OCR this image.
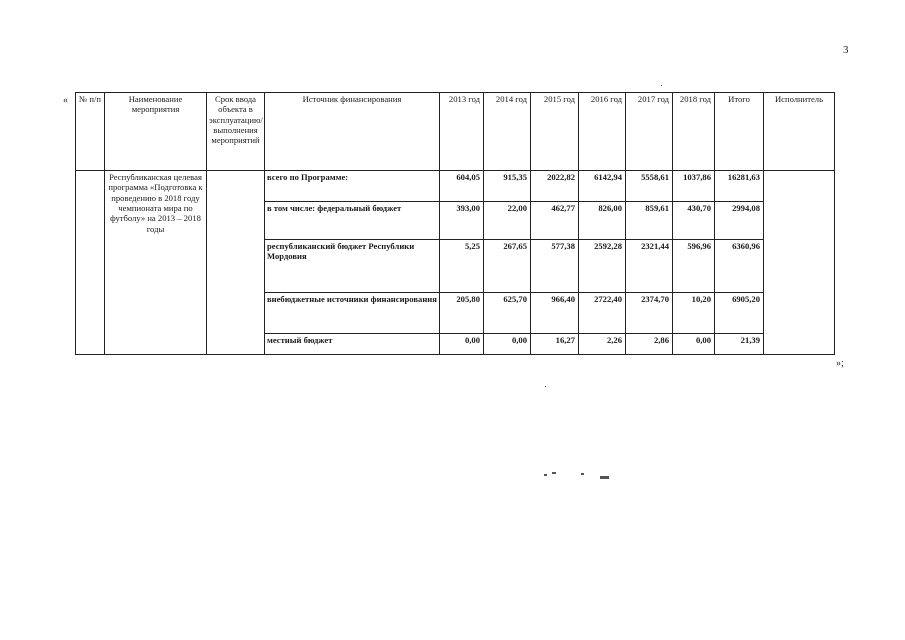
3
«
»;
№ п/п	Наименование мероприятия	Срок ввода объекта в эксплуатацию/выполнения мероприятий	Источник финансирования	2013 год	2014 год	2015 год	2016 год	2017 год	2018 год	Итого	Исполнитель
	Республиканская целевая программа «Подготовка к проведению в 2018 году чемпионата мира по футболу» на 2013 – 2018 годы		всего по Программе:	604,05	915,35	2022,82	6142,94	5558,61	1037,86	16281,63	
			в том числе: федеральный бюджет	393,00	22,00	462,77	826,00	859,61	430,70	2994,08	
			республиканский бюджет Республики Мордовия	5,25	267,65	577,38	2592,28	2321,44	596,96	6360,96	
			внебюджетные источники финансирования	205,80	625,70	966,40	2722,40	2374,70	10,20	6905,20	
			местный бюджет	0,00	0,00	16,27	2,26	2,86	0,00	21,39	
